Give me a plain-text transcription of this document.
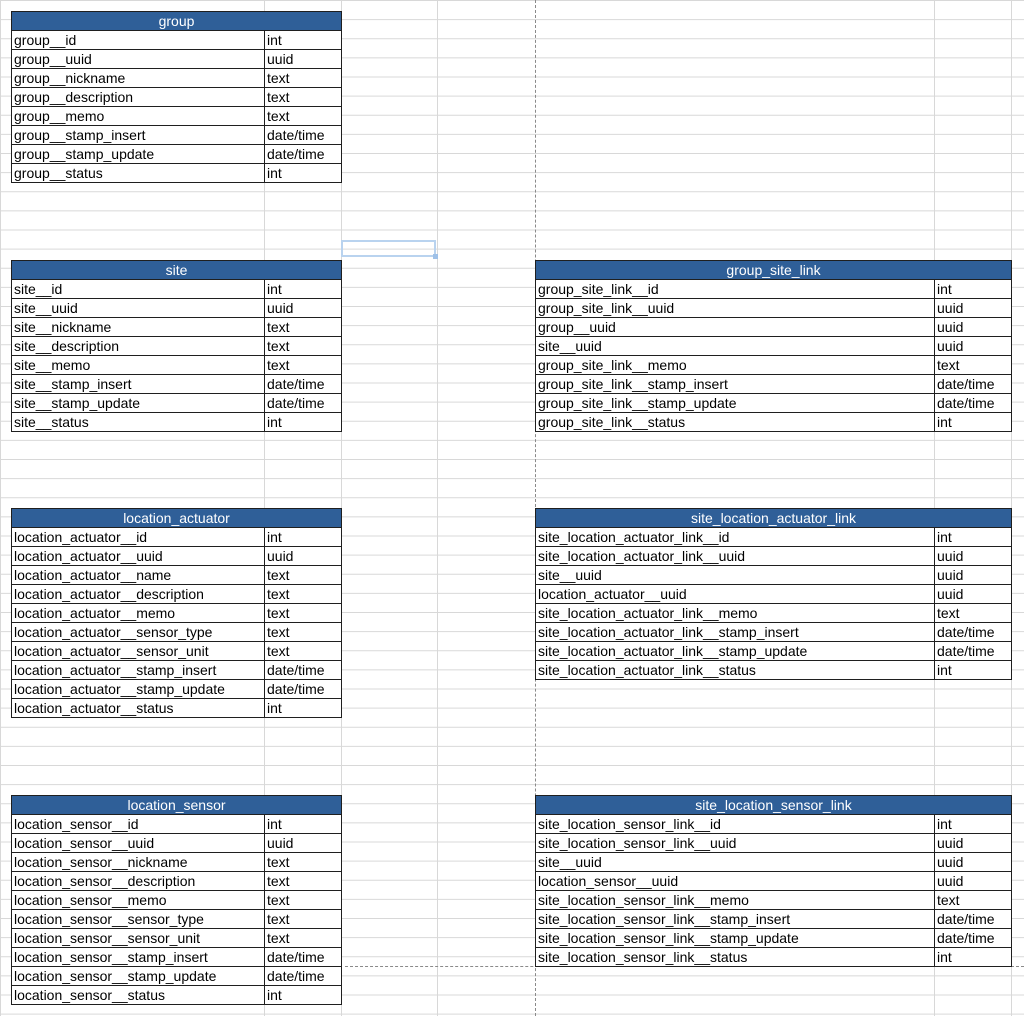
group	
group__id	int
group__uuid	uuid
group__nickname	text
group__description	text
group__memo	text
group__stamp_insert	date/time
group__stamp_update	date/time
group__status	int
site	
site__id	int
site__uuid	uuid
site__nickname	text
site__description	text
site__memo	text
site__stamp_insert	date/time
site__stamp_update	date/time
site__status	int
group_site_link	
group_site_link__id	int
group_site_link__uuid	uuid
group__uuid	uuid
site__uuid	uuid
group_site_link__memo	text
group_site_link__stamp_insert	date/time
group_site_link__stamp_update	date/time
group_site_link__status	int
location_actuator	
location_actuator__id	int
location_actuator__uuid	uuid
location_actuator__name	text
location_actuator__description	text
location_actuator__memo	text
location_actuator__sensor_type	text
location_actuator__sensor_unit	text
location_actuator__stamp_insert	date/time
location_actuator__stamp_update	date/time
location_actuator__status	int
site_location_actuator_link	
site_location_actuator_link__id	int
site_location_actuator_link__uuid	uuid
site__uuid	uuid
location_actuator__uuid	uuid
site_location_actuator_link__memo	text
site_location_actuator_link__stamp_insert	date/time
site_location_actuator_link__stamp_update	date/time
site_location_actuator_link__status	int
location_sensor	
location_sensor__id	int
location_sensor__uuid	uuid
location_sensor__nickname	text
location_sensor__description	text
location_sensor__memo	text
location_sensor__sensor_type	text
location_sensor__sensor_unit	text
location_sensor__stamp_insert	date/time
location_sensor__stamp_update	date/time
location_sensor__status	int
site_location_sensor_link	
site_location_sensor_link__id	int
site_location_sensor_link__uuid	uuid
site__uuid	uuid
location_sensor__uuid	uuid
site_location_sensor_link__memo	text
site_location_sensor_link__stamp_insert	date/time
site_location_sensor_link__stamp_update	date/time
site_location_sensor_link__status	int
